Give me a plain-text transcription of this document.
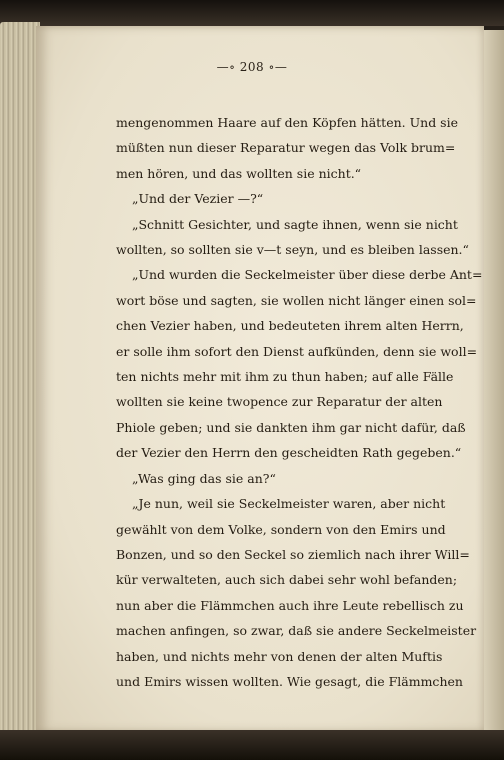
—∘ 208 ∘—
mengenommen Haare auf den Köpfen hätten. Und sie
müßten nun dieser Reparatur wegen das Volk brum=
men hören, und das wollten sie nicht.“
„Und der Vezier —?“
„Schnitt Gesichter, und sagte ihnen, wenn sie nicht
wollten, so sollten sie v—t seyn, und es bleiben lassen.“
„Und wurden die Seckelmeister über diese derbe Ant=
wort böse und sagten, sie wollen nicht länger einen sol=
chen Vezier haben, und bedeuteten ihrem alten Herrn,
er solle ihm sofort den Dienst aufkünden, denn sie woll=
ten nichts mehr mit ihm zu thun haben; auf alle Fälle
wollten sie keine twopence zur Reparatur der alten
Phiole geben; und sie dankten ihm gar nicht dafür, daß
der Vezier den Herrn den gescheidten Rath gegeben.“
„Was ging das sie an?“
„Je nun, weil sie Seckelmeister waren, aber nicht
gewählt von dem Volke, sondern von den Emirs und
Bonzen, und so den Seckel so ziemlich nach ihrer Will=
kür verwalteten, auch sich dabei sehr wohl befanden;
nun aber die Flämmchen auch ihre Leute rebellisch zu
machen anfingen, so zwar, daß sie andere Seckelmeister
haben, und nichts mehr von denen der alten Muftis
und Emirs wissen wollten. Wie gesagt, die Flämmchen
